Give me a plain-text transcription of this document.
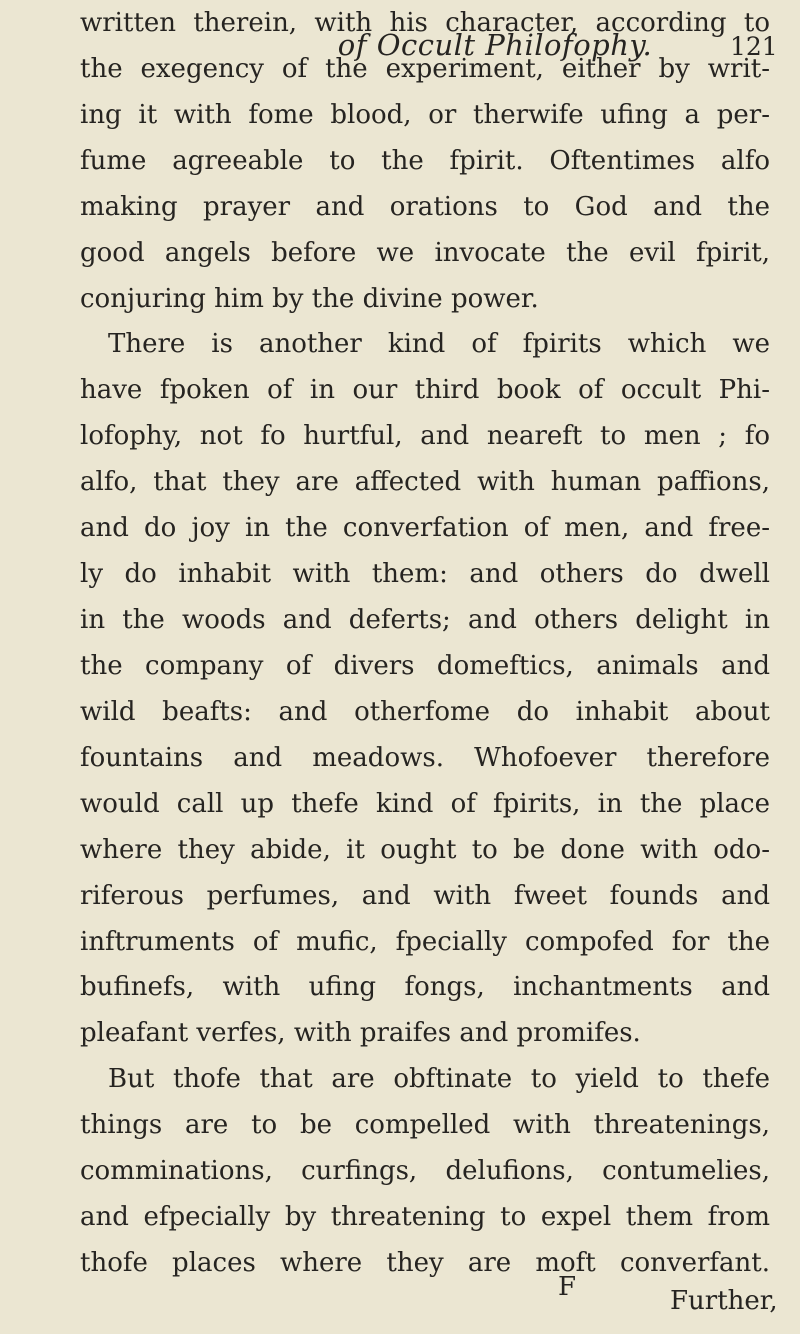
of Occult Philofophy.	121
written therein, with his character, according to
the exegency of the experiment, either by writ-
ing it with fome blood, or therwife ufing a per-
fume agreeable to the fpirit. Oftentimes alfo
making prayer and orations to God and the
good angels before we invocate the evil fpirit,
conjuring him by the divine power.
There is another kind of fpirits which we
have fpoken of in our third book of occult Phi-
lofophy, not fo hurtful, and neareft to men ; fo
alfo, that they are affected with human paffions,
and do joy in the converfation of men, and free-
ly do inhabit with them: and others do dwell
in the woods and deferts; and others delight in
the company of divers domeftics, animals and
wild beafts: and otherfome do inhabit about
fountains and meadows. Whofoever therefore
would call up thefe kind of fpirits, in the place
where they abide, it ought to be done with odo-
riferous perfumes, and with fweet founds and
inftruments of mufic, fpecially compofed for the
bufinefs, with ufing fongs, inchantments and
pleafant verfes, with praifes and promifes.
But thofe that are obftinate to yield to thefe
things are to be compelled with threatenings,
comminations, curfings, delufions, contumelies,
and efpecially by threatening to expel them from
thofe places where they are moft converfant.
F	Further,
